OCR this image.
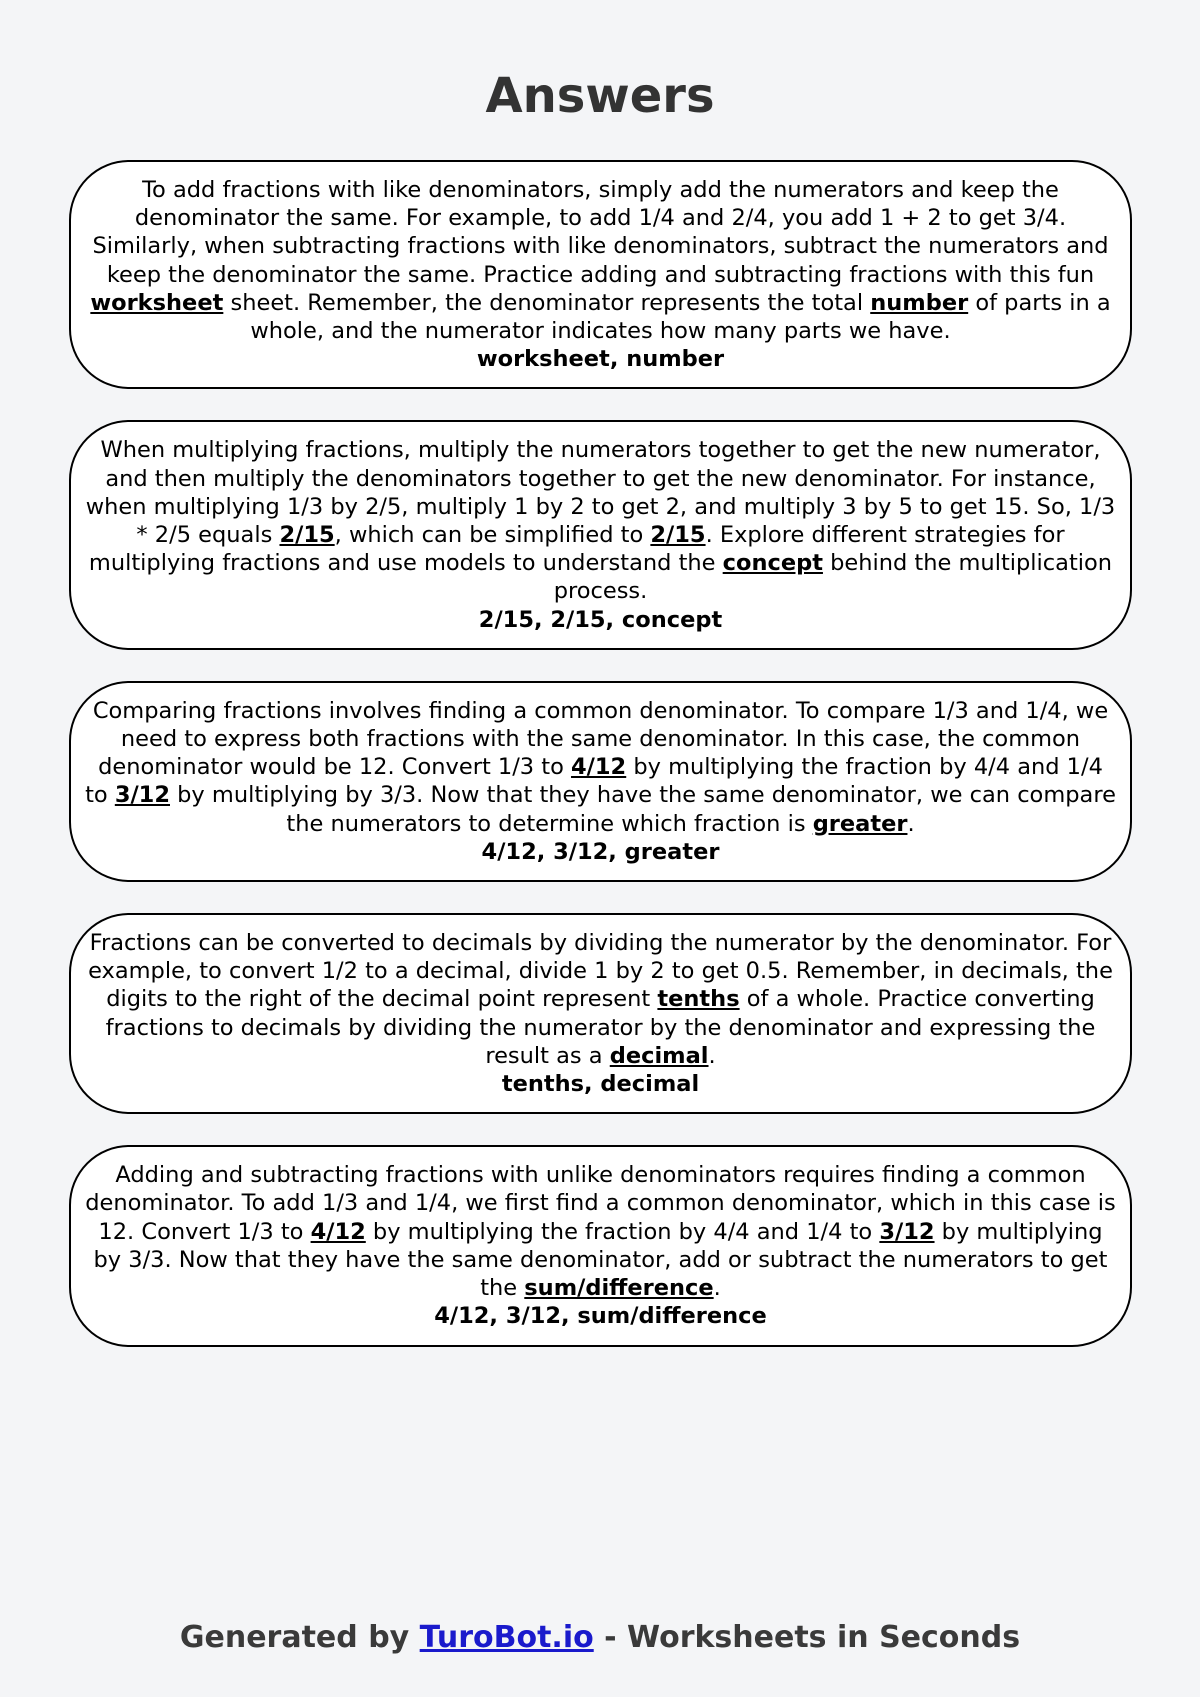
Answers

To add fractions with like denominators, simply add the numerators and keep the denominator the same. For example, to add 1/4 and 2/4, you add 1 + 2 to get 3/4. Similarly, when subtracting fractions with like denominators, subtract the numerators and keep the denominator the same. Practice adding and subtracting fractions with this fun worksheet sheet. Remember, the denominator represents the total number of parts in a whole, and the numerator indicates how many parts we have.

worksheet, number

When multiplying fractions, multiply the numerators together to get the new numerator, and then multiply the denominators together to get the new denominator. For instance, when multiplying 1/3 by 2/5, multiply 1 by 2 to get 2, and multiply 3 by 5 to get 15. So, 1/3 * 2/5 equals 2/15, which can be simplified to 2/15. Explore different strategies for multiplying fractions and use models to understand the concept behind the multiplication process.

2/15, 2/15, concept

Comparing fractions involves finding a common denominator. To compare 1/3 and 1/4, we need to express both fractions with the same denominator. In this case, the common denominator would be 12. Convert 1/3 to 4/12 by multiplying the fraction by 4/4 and 1/4 to 3/12 by multiplying by 3/3. Now that they have the same denominator, we can compare the numerators to determine which fraction is greater.

4/12, 3/12, greater

Fractions can be converted to decimals by dividing the numerator by the denominator. For example, to convert 1/2 to a decimal, divide 1 by 2 to get 0.5. Remember, in decimals, the digits to the right of the decimal point represent tenths of a whole. Practice converting fractions to decimals by dividing the numerator by the denominator and expressing the result as a decimal.

tenths, decimal

Adding and subtracting fractions with unlike denominators requires finding a common denominator. To add 1/3 and 1/4, we first find a common denominator, which in this case is 12. Convert 1/3 to 4/12 by multiplying the fraction by 4/4 and 1/4 to 3/12 by multiplying by 3/3. Now that they have the same denominator, add or subtract the numerators to get the sum/difference.

4/12, 3/12, sum/difference

Generated by TuroBot.io - Worksheets in Seconds
